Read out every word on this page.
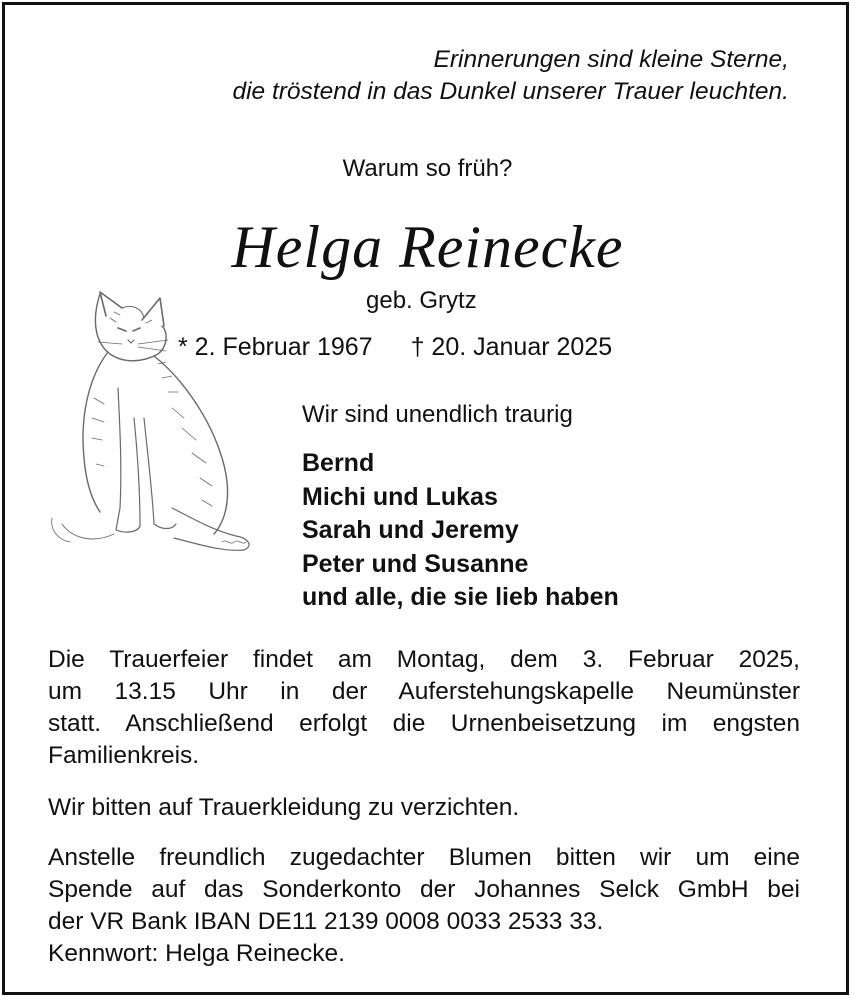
Erinnerungen sind kleine Sterne,
die tröstend in das Dunkel unserer Trauer leuchten.
Warum so früh?
Helga Reinecke
geb. Grytz
* 2. Februar 1967 † 20. Januar 2025
Wir sind unendlich traurig
Bernd
Michi und Lukas
Sarah und Jeremy
Peter und Susanne
und alle, die sie lieb haben
Die Trauerfeier findet am Montag, dem 3. Februar 2025,
um 13.15 Uhr in der Auferstehungskapelle Neumünster
statt. Anschließend erfolgt die Urnenbeisetzung im engsten
Familienkreis.
Wir bitten auf Trauerkleidung zu verzichten.
Anstelle freundlich zugedachter Blumen bitten wir um eine
Spende auf das Sonderkonto der Johannes Selck GmbH bei
der VR Bank IBAN DE11 2139 0008 0033 2533 33.
Kennwort: Helga Reinecke.
